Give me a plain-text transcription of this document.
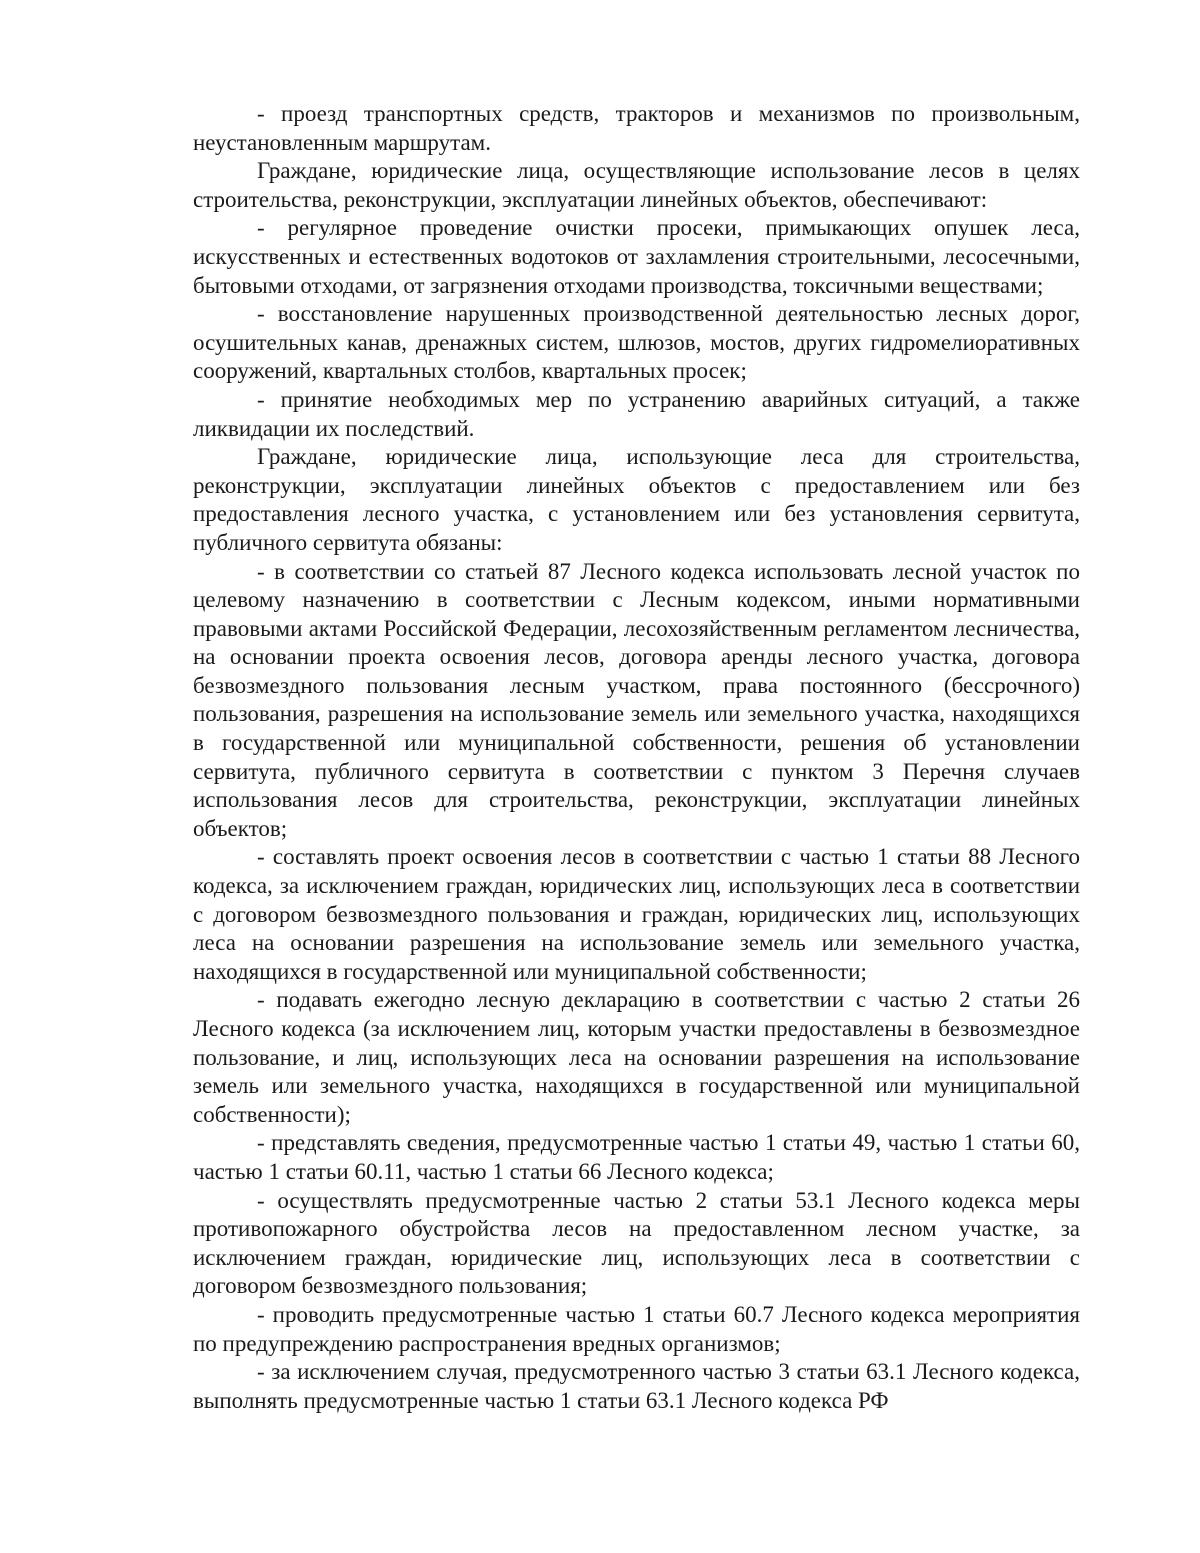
- проезд транспортных средств, тракторов и механизмов по произвольным, неустановленным маршрутам.

Граждане, юридические лица, осуществляющие использование лесов в целях строительства, реконструкции, эксплуатации линейных объектов, обеспечивают:

- регулярное проведение очистки просеки, примыкающих опушек леса, искусственных и естественных водотоков от захламления строительными, лесосечными, бытовыми отходами, от загрязнения отходами производства, токсичными веществами;

- восстановление нарушенных производственной деятельностью лесных дорог, осушительных канав, дренажных систем, шлюзов, мостов, других гидромелиоративных сооружений, квартальных столбов, квартальных просек;

- принятие необходимых мер по устранению аварийных ситуаций, а также ликвидации их последствий.

Граждане, юридические лица, использующие леса для строительства, реконструкции, эксплуатации линейных объектов с предоставлением или без предоставления лесного участка, с установлением или без установления сервитута, публичного сервитута обязаны:

- в соответствии со статьей 87 Лесного кодекса использовать лесной участок по целевому назначению в соответствии с Лесным кодексом, иными нормативными правовыми актами Российской Федерации, лесохозяйственным регламентом лесничества, на основании проекта освоения лесов, договора аренды лесного участка, договора безвозмездного пользования лесным участком, права постоянного (бессрочного) пользования, разрешения на использование земель или земельного участка, находящихся в государственной или муниципальной собственности, решения об установлении сервитута, публичного сервитута в соответствии с пунктом 3 Перечня случаев использования лесов для строительства, реконструкции, эксплуатации линейных объектов;

- составлять проект освоения лесов в соответствии с частью 1 статьи 88 Лесного кодекса, за исключением граждан, юридических лиц, использующих леса в соответствии с договором безвозмездного пользования и граждан, юридических лиц, использующих леса на основании разрешения на использование земель или земельного участка, находящихся в государственной или муниципальной собственности;

- подавать ежегодно лесную декларацию в соответствии с частью 2 статьи 26 Лесного кодекса (за исключением лиц, которым участки предоставлены в безвозмездное пользование, и лиц, использующих леса на основании разрешения на использование земель или земельного участка, находящихся в государственной или муниципальной собственности);

- представлять сведения, предусмотренные частью 1 статьи 49, частью 1 статьи 60, частью 1 статьи 60.11, частью 1 статьи 66 Лесного кодекса;

- осуществлять предусмотренные частью 2 статьи 53.1 Лесного кодекса меры противопожарного обустройства лесов на предоставленном лесном участке, за исключением граждан, юридические лиц, использующих леса в соответствии с договором безвозмездного пользования;

- проводить предусмотренные частью 1 статьи 60.7 Лесного кодекса мероприятия по предупреждению распространения вредных организмов;

- за исключением случая, предусмотренного частью 3 статьи 63.1 Лесного кодекса, выполнять предусмотренные частью 1 статьи 63.1 Лесного кодекса РФ
